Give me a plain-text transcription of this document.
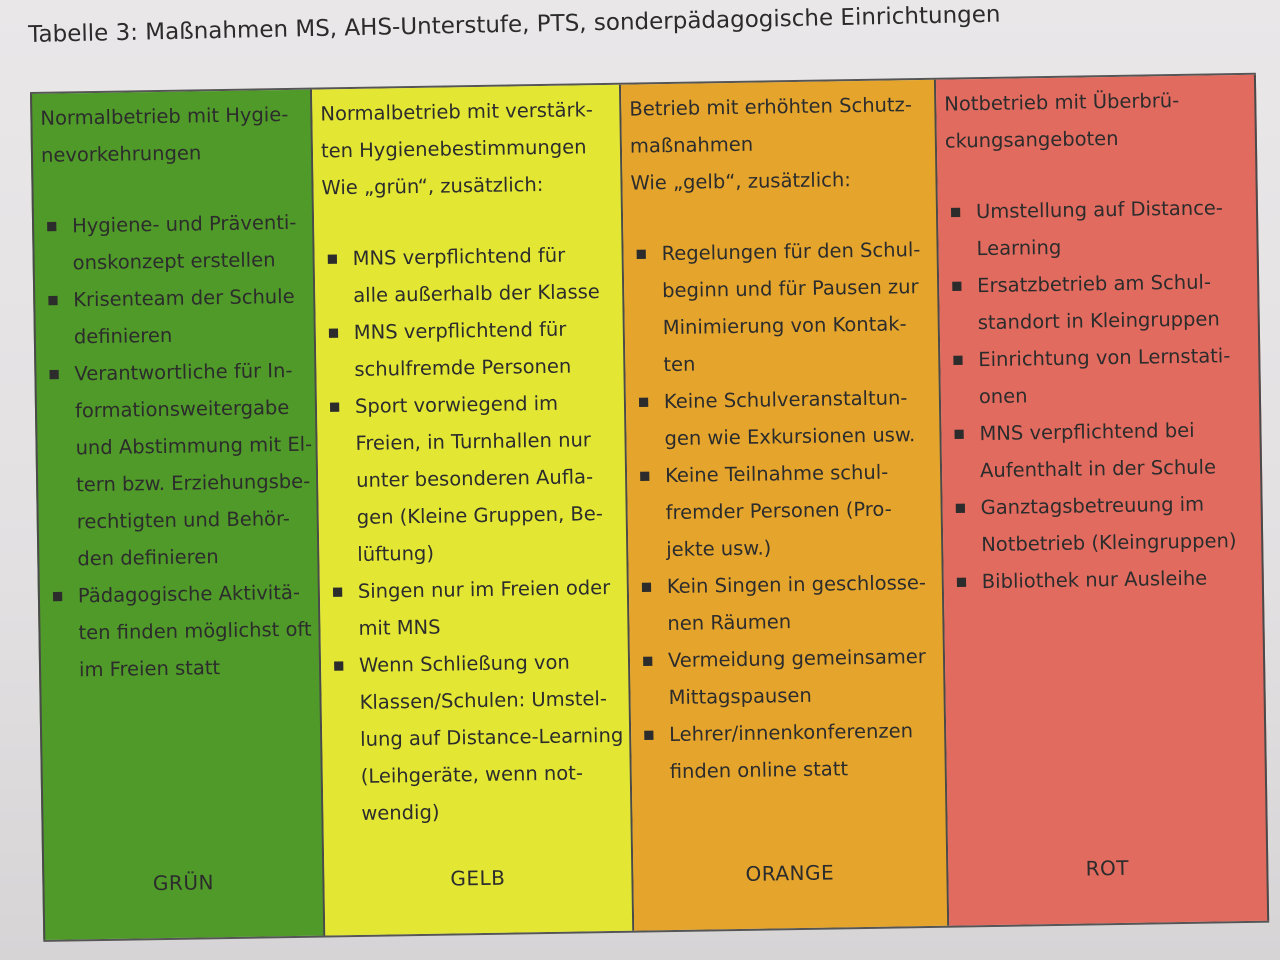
Tabelle 3: Maßnahmen MS, AHS-Unterstufe, PTS, sonderpädagogische Einrichtungen
Normalbetrieb mit Hygie-
nevorkehrungen
■ Hygiene- und Präventi-
onskonzept erstellen
■ Krisenteam der Schule
definieren
■ Verantwortliche für In-
formationsweitergabe
und Abstimmung mit El-
tern bzw. Erziehungsbe-
rechtigten und Behör-
den definieren
■ Pädagogische Aktivitä-
ten finden möglichst oft
im Freien statt
GRÜN
Normalbetrieb mit verstärk-
ten Hygienebestimmungen
Wie „grün“, zusätzlich:
■ MNS verpflichtend für
alle außerhalb der Klasse
■ MNS verpflichtend für
schulfremde Personen
■ Sport vorwiegend im
Freien, in Turnhallen nur
unter besonderen Aufla-
gen (Kleine Gruppen, Be-
lüftung)
■ Singen nur im Freien oder
mit MNS
■ Wenn Schließung von
Klassen/Schulen: Umstel-
lung auf Distance-Learning
(Leihgeräte, wenn not-
wendig)
GELB
Betrieb mit erhöhten Schutz-
maßnahmen
Wie „gelb“, zusätzlich:
■ Regelungen für den Schul-
beginn und für Pausen zur
Minimierung von Kontak-
ten
■ Keine Schulveranstaltun-
gen wie Exkursionen usw.
■ Keine Teilnahme schul-
fremder Personen (Pro-
jekte usw.)
■ Kein Singen in geschlosse-
nen Räumen
■ Vermeidung gemeinsamer
Mittagspausen
■ Lehrer/innenkonferenzen
finden online statt
ORANGE
Notbetrieb mit Überbrü-
ckungsangeboten
■ Umstellung auf Distance-
Learning
■ Ersatzbetrieb am Schul-
standort in Kleingruppen
■ Einrichtung von Lernstati-
onen
■ MNS verpflichtend bei
Aufenthalt in der Schule
■ Ganztagsbetreuung im
Notbetrieb (Kleingruppen)
■ Bibliothek nur Ausleihe
ROT
